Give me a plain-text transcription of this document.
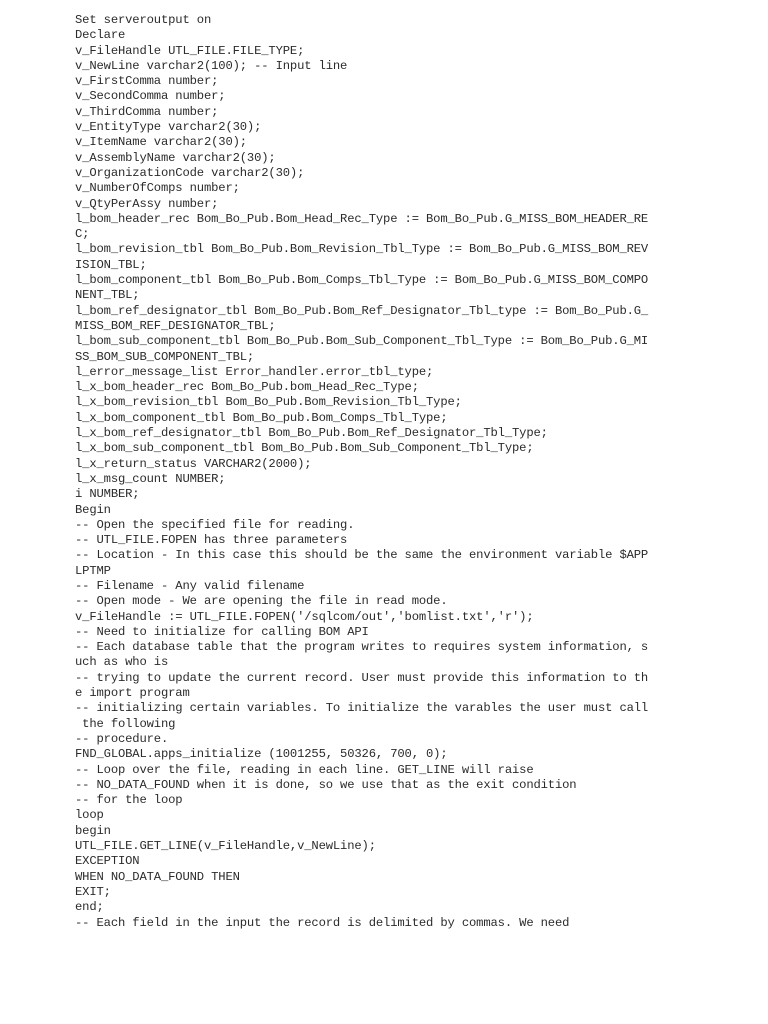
Set serveroutput on
Declare
v_FileHandle UTL_FILE.FILE_TYPE;
v_NewLine varchar2(100); -- Input line
v_FirstComma number;
v_SecondComma number;
v_ThirdComma number;
v_EntityType varchar2(30);
v_ItemName varchar2(30);
v_AssemblyName varchar2(30);
v_OrganizationCode varchar2(30);
v_NumberOfComps number;
v_QtyPerAssy number;
l_bom_header_rec Bom_Bo_Pub.Bom_Head_Rec_Type := Bom_Bo_Pub.G_MISS_BOM_HEADER_RE
C;
l_bom_revision_tbl Bom_Bo_Pub.Bom_Revision_Tbl_Type := Bom_Bo_Pub.G_MISS_BOM_REV
ISION_TBL;
l_bom_component_tbl Bom_Bo_Pub.Bom_Comps_Tbl_Type := Bom_Bo_Pub.G_MISS_BOM_COMPO
NENT_TBL;
l_bom_ref_designator_tbl Bom_Bo_Pub.Bom_Ref_Designator_Tbl_type := Bom_Bo_Pub.G_
MISS_BOM_REF_DESIGNATOR_TBL;
l_bom_sub_component_tbl Bom_Bo_Pub.Bom_Sub_Component_Tbl_Type := Bom_Bo_Pub.G_MI
SS_BOM_SUB_COMPONENT_TBL;
l_error_message_list Error_handler.error_tbl_type;
l_x_bom_header_rec Bom_Bo_Pub.bom_Head_Rec_Type;
l_x_bom_revision_tbl Bom_Bo_Pub.Bom_Revision_Tbl_Type;
l_x_bom_component_tbl Bom_Bo_pub.Bom_Comps_Tbl_Type;
l_x_bom_ref_designator_tbl Bom_Bo_Pub.Bom_Ref_Designator_Tbl_Type;
l_x_bom_sub_component_tbl Bom_Bo_Pub.Bom_Sub_Component_Tbl_Type;
l_x_return_status VARCHAR2(2000);
l_x_msg_count NUMBER;
i NUMBER;
Begin
-- Open the specified file for reading.
-- UTL_FILE.FOPEN has three parameters
-- Location - In this case this should be the same the environment variable $APP
LPTMP
-- Filename - Any valid filename
-- Open mode - We are opening the file in read mode.
v_FileHandle := UTL_FILE.FOPEN('/sqlcom/out','bomlist.txt','r');
-- Need to initialize for calling BOM API
-- Each database table that the program writes to requires system information, s
uch as who is
-- trying to update the current record. User must provide this information to th
e import program
-- initializing certain variables. To initialize the varables the user must call
the following
-- procedure.
FND_GLOBAL.apps_initialize (1001255, 50326, 700, 0);
-- Loop over the file, reading in each line. GET_LINE will raise
-- NO_DATA_FOUND when it is done, so we use that as the exit condition
-- for the loop
loop
begin
UTL_FILE.GET_LINE(v_FileHandle,v_NewLine);
EXCEPTION
WHEN NO_DATA_FOUND THEN
EXIT;
end;
-- Each field in the input the record is delimited by commas. We need
